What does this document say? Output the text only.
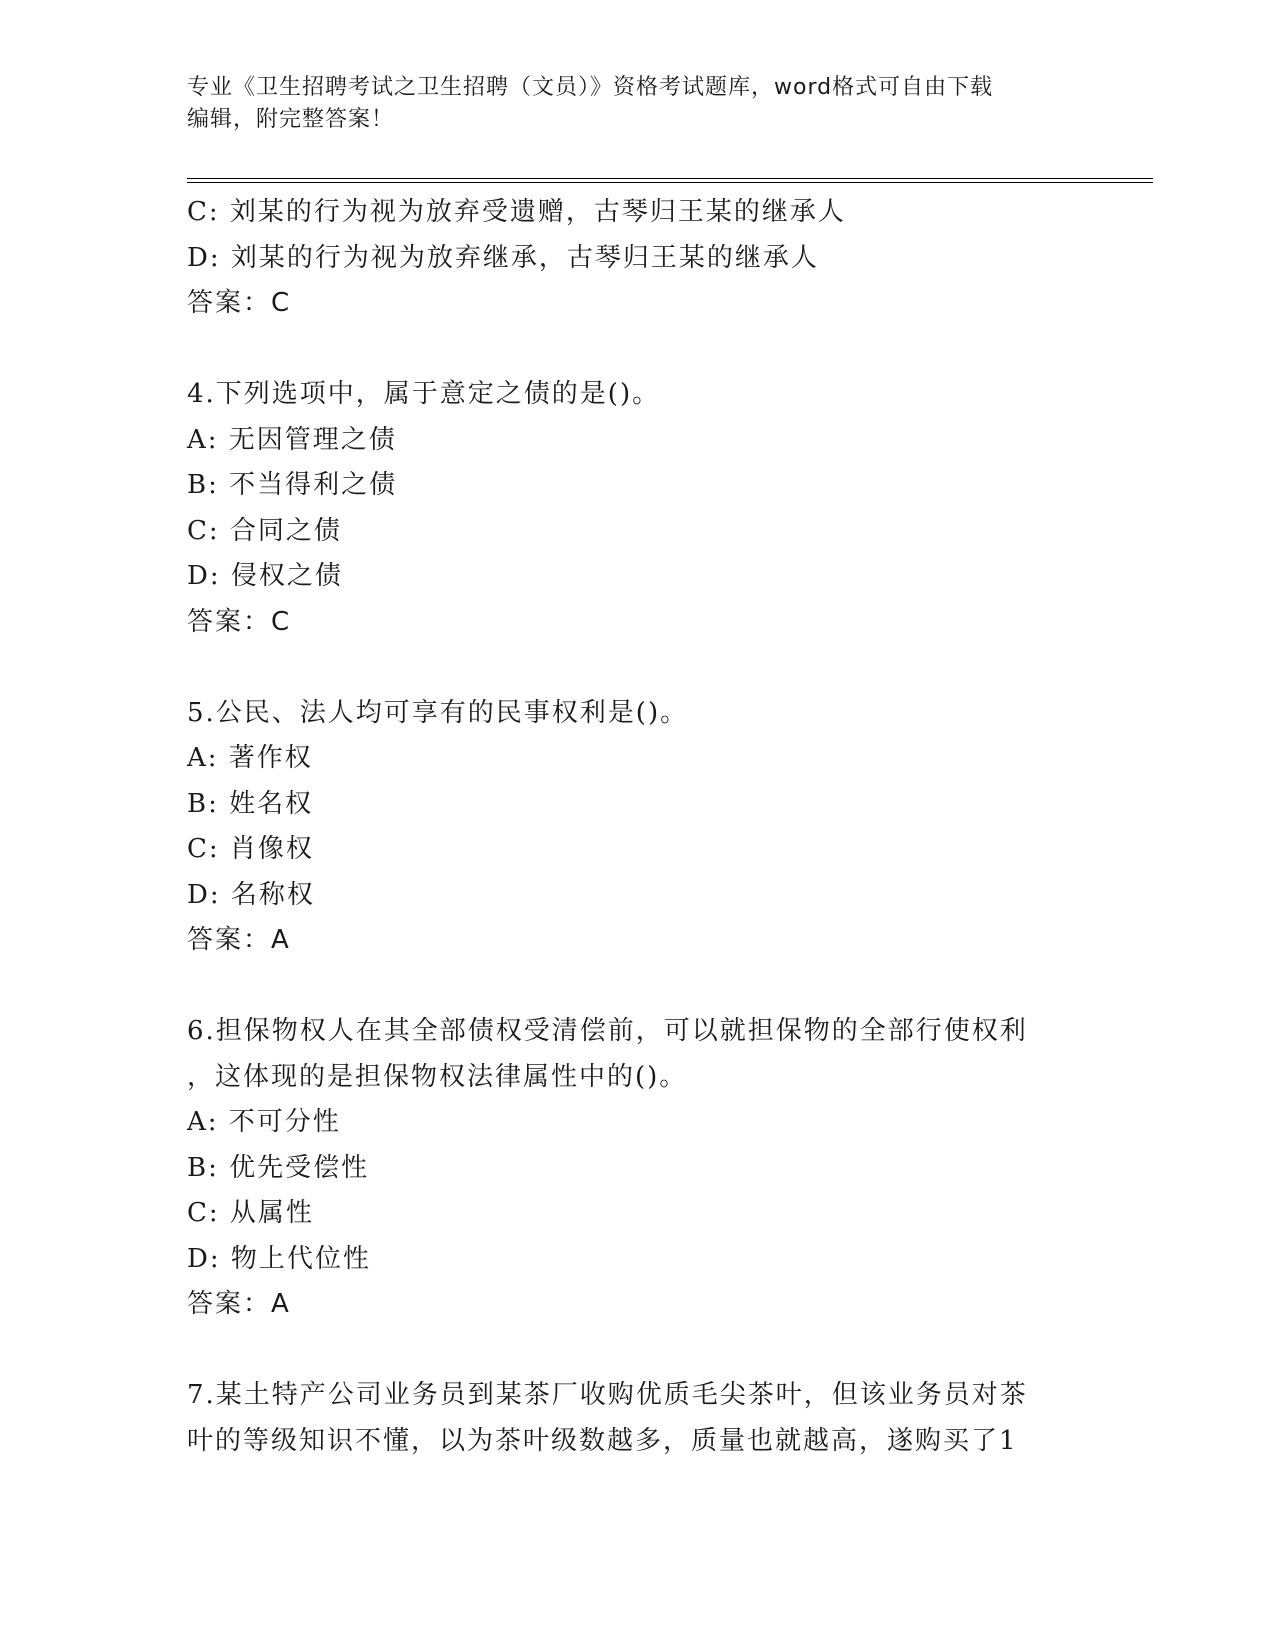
专业《卫生招聘考试之卫生招聘（文员）》资格考试题库，word格式可自由下载
编辑，附完整答案！
C: 刘某的行为视为放弃受遗赠，古琴归王某的继承人
D: 刘某的行为视为放弃继承，古琴归王某的继承人
答案：C
4.下列选项中，属于意定之债的是()。
A: 无因管理之债
B: 不当得利之债
C: 合同之债
D: 侵权之债
答案：C
5.公民、法人均可享有的民事权利是()。
A: 著作权
B: 姓名权
C: 肖像权
D: 名称权
答案：A
6.担保物权人在其全部债权受清偿前，可以就担保物的全部行使权利
，这体现的是担保物权法律属性中的()。
A: 不可分性
B: 优先受偿性
C: 从属性
D: 物上代位性
答案：A
7.某土特产公司业务员到某茶厂收购优质毛尖茶叶，但该业务员对茶
叶的等级知识不懂，以为茶叶级数越多，质量也就越高，遂购买了1
